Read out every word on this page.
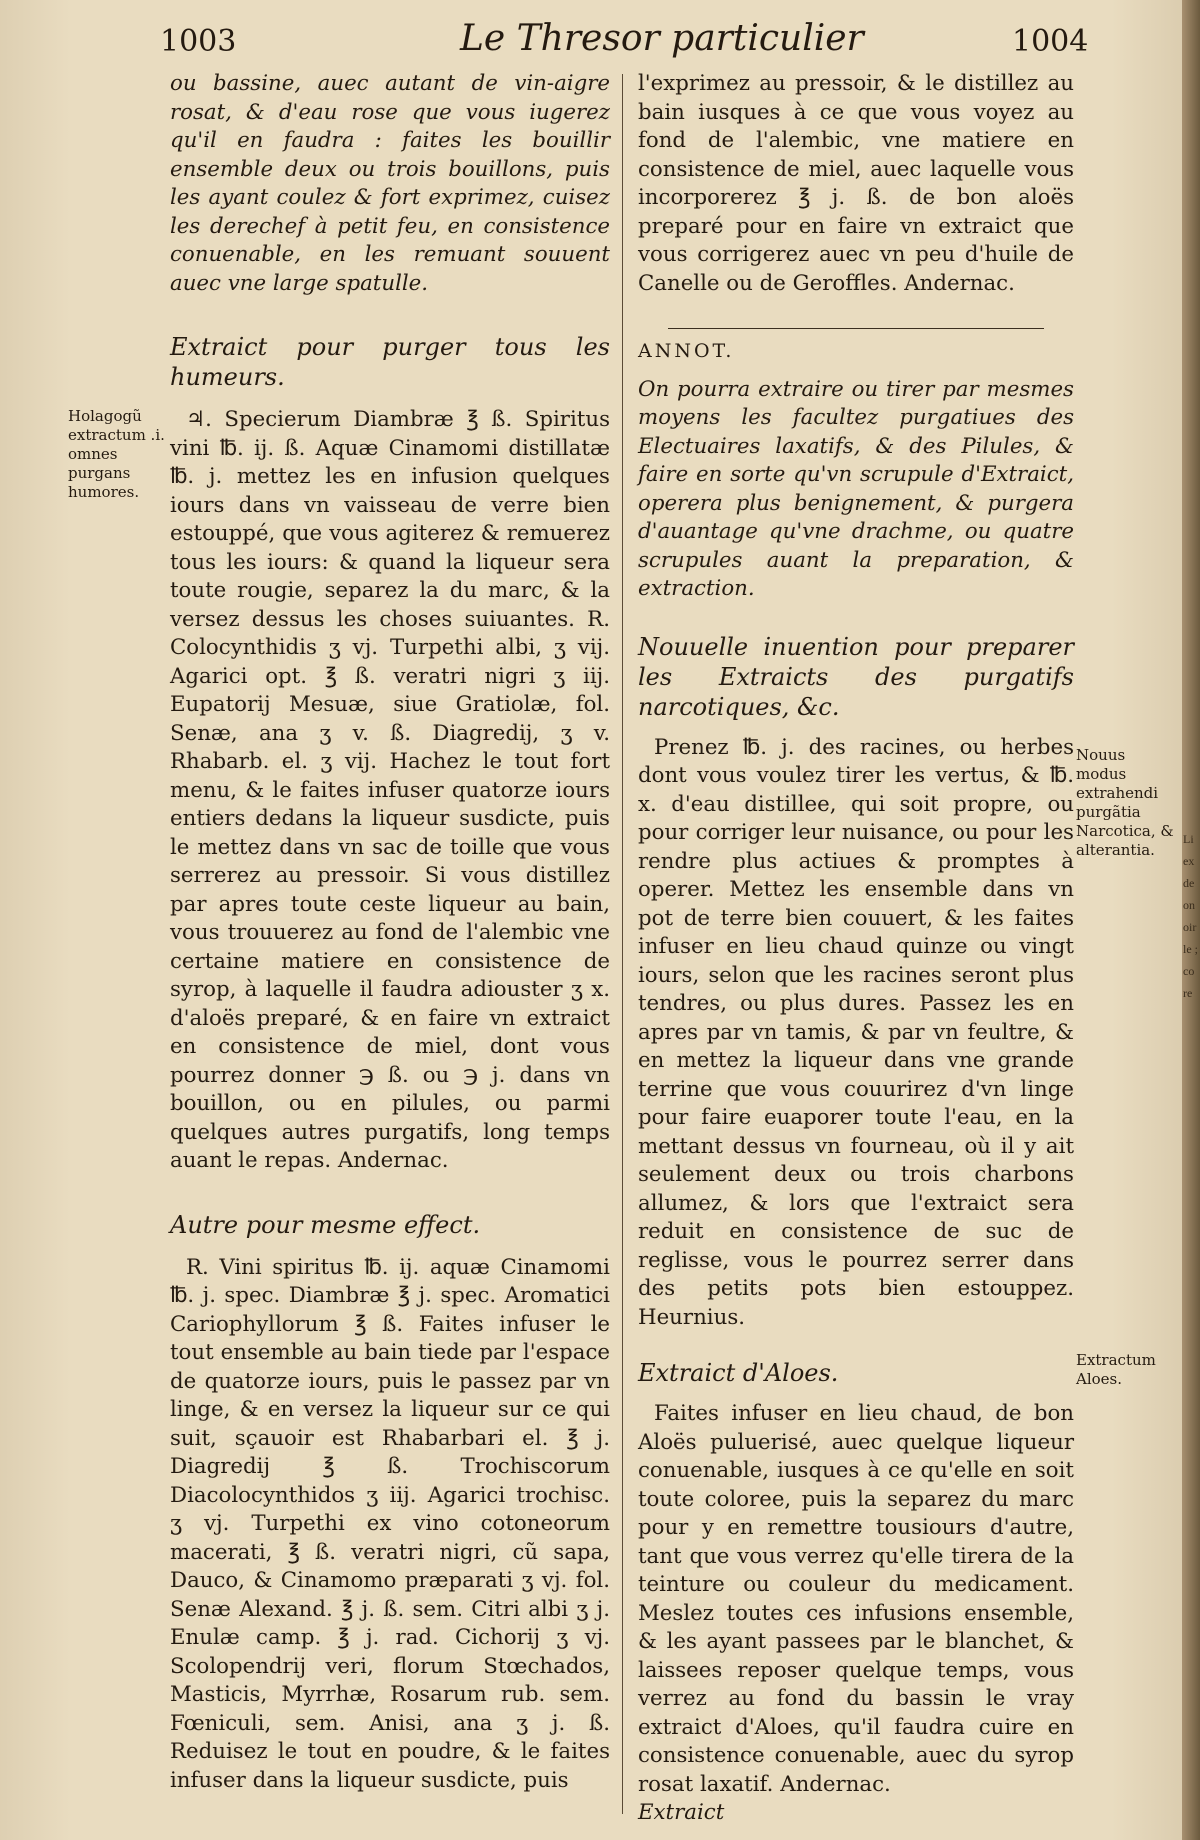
1003	Le Thresor particulier	1004
Holagogũ extractum .i. omnes purgans humores.

ou bassine, auec autant de vin-aigre rosat, & d'eau rose que vous iugerez qu'il en faudra : faites les bouillir ensemble deux ou trois bouillons, puis les ayant coulez & fort exprimez, cuisez les derechef à petit feu, en consistence conuenable, en les remuant souuent auec vne large spatulle.

Extraict pour purger tous les humeurs.

♃. Specierum Diambræ ℥ ß. Spiritus vini ℔. ij. ß. Aquæ Cinamomi distillatæ ℔. j. mettez les en infusion quelques iours dans vn vaisseau de verre bien estouppé, que vous agiterez & remuerez tous les iours: & quand la liqueur sera toute rougie, separez la du marc, & la versez dessus les choses suiuantes. R. Colocynthidis ʒ vj. Turpethi albi, ʒ vij. Agarici opt. ℥ ß. veratri nigri ʒ iij. Eupatorij Mesuæ, siue Gratiolæ, fol. Senæ, ana ʒ v. ß. Diagredij, ʒ v. Rhabarb. el. ʒ vij. Hachez le tout fort menu, & le faites infuser quatorze iours entiers dedans la liqueur susdicte, puis le mettez dans vn sac de toille que vous serrerez au pressoir. Si vous distillez par apres toute ceste liqueur au bain, vous trouuerez au fond de l'alembic vne certaine matiere en consistence de syrop, à laquelle il faudra adiouster ʒ x. d'aloës preparé, & en faire vn extraict en consistence de miel, dont vous pourrez donner ℈ ß. ou ℈ j. dans vn bouillon, ou en pilules, ou parmi quelques autres purgatifs, long temps auant le repas. Andernac.

Autre pour mesme effect.

R. Vini spiritus ℔. ij. aquæ Cinamomi ℔. j. spec. Diambræ ℥ j. spec. Aromatici Cariophyllorum ℥ ß. Faites infuser le tout ensemble au bain tiede par l'espace de quatorze iours, puis le passez par vn linge, & en versez la liqueur sur ce qui suit, sçauoir est Rhabarbari el. ℥ j. Diagredij ℥ ß. Trochiscorum Diacolocynthidos ʒ iij. Agarici trochisc. ʒ vj. Turpethi ex vino cotoneorum macerati, ℥ ß. veratri nigri, cũ sapa, Dauco, & Cinamomo præparati ʒ vj. fol. Senæ Alexand. ℥ j. ß. sem. Citri albi ʒ j. Enulæ camp. ℥ j. rad. Cichorij ʒ vj. Scolopendrij veri, florum Stœchados, Masticis, Myrrhæ, Rosarum rub. sem. Fœniculi, sem. Anisi, ana ʒ j. ß. Reduisez le tout en poudre, & le faites infuser dans la liqueur susdicte, puis

l'exprimez au pressoir, & le distillez au bain iusques à ce que vous voyez au fond de l'alembic, vne matiere en consistence de miel, auec laquelle vous incorporerez ℥ j. ß. de bon aloës preparé pour en faire vn extraict que vous corrigerez auec vn peu d'huile de Canelle ou de Geroffles. Andernac.

ANNOT.

On pourra extraire ou tirer par mesmes moyens les facultez purgatiues des Electuaires laxatifs, & des Pilules, & faire en sorte qu'vn scrupule d'Extraict, operera plus benignement, & purgera d'auantage qu'vne drachme, ou quatre scrupules auant la preparation, & extraction.

Nouuelle inuention pour preparer les Extraicts des purgatifs narcotiques, &c.

Prenez ℔. j. des racines, ou herbes dont vous voulez tirer les vertus, & ℔. x. d'eau distillee, qui soit propre, ou pour corriger leur nuisance, ou pour les rendre plus actiues & promptes à operer. Mettez les ensemble dans vn pot de terre bien couuert, & les faites infuser en lieu chaud quinze ou vingt iours, selon que les racines seront plus tendres, ou plus dures. Passez les en apres par vn tamis, & par vn feultre, & en mettez la liqueur dans vne grande terrine que vous couurirez d'vn linge pour faire euaporer toute l'eau, en la mettant dessus vn fourneau, où il y ait seulement deux ou trois charbons allumez, & lors que l'extraict sera reduit en consistence de suc de reglisse, vous le pourrez serrer dans des petits pots bien estouppez. Heurnius.

Extraict d'Aloes.

Faites infuser en lieu chaud, de bon Aloës puluerisé, auec quelque liqueur conuenable, iusques à ce qu'elle en soit toute coloree, puis la separez du marc pour y en remettre tousiours d'autre, tant que vous verrez qu'elle tirera de la teinture ou couleur du medicament. Meslez toutes ces infusions ensemble, & les ayant passees par le blanchet, & laissees reposer quelque temps, vous verrez au fond du bassin le vray extraict d'Aloes, qu'il faudra cuire en consistence conuenable, auec du syrop rosat laxatif. Andernac.

Extraict

Nouus modus extrahendi purgãtia Narcotica, & alterantia.
Extractum Aloes.
Li ex de on oir le ; co re
